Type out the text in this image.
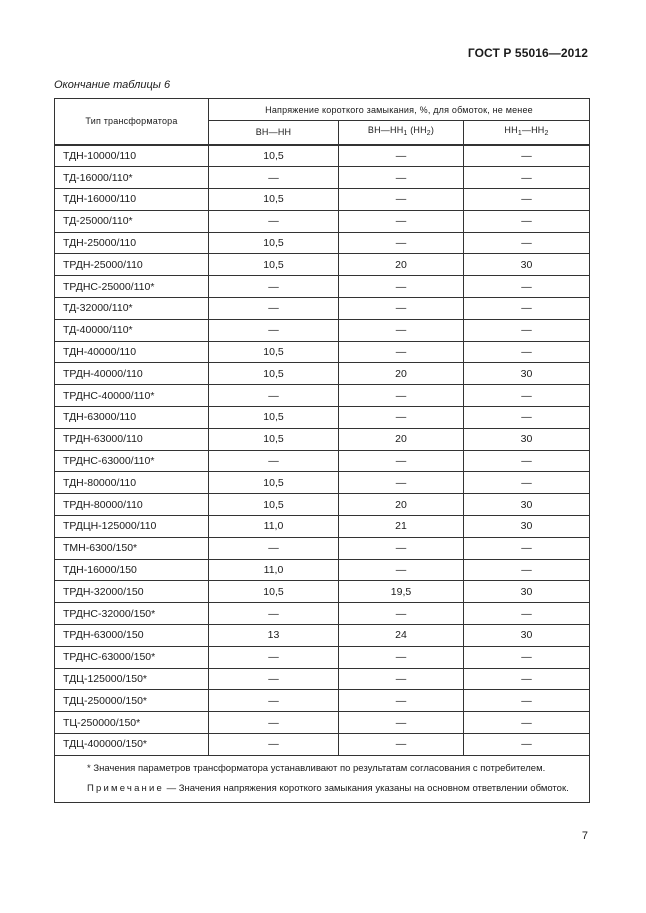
ГОСТ Р 55016—2012
Окончание таблицы 6
Тип трансформатора	Напряжение короткого замыкания, %, для обмоток, не менее		
	ВН—НН	$ВН—НН_1$ $(НН_2)$	$НН_1—НН_2$
ТДН-10000/110	10,5	—	—
ТД-16000/110*	—	—	—
ТДН-16000/110	10,5	—	—
ТД-25000/110*	—	—	—
ТДН-25000/110	10,5	—	—
ТРДН-25000/110	10,5	20	30
ТРДНС-25000/110*	—	—	—
ТД-32000/110*	—	—	—
ТД-40000/110*	—	—	—
ТДН-40000/110	10,5	—	—
ТРДН-40000/110	10,5	20	30
ТРДНС-40000/110*	—	—	—
ТДН-63000/110	10,5	—	—
ТРДН-63000/110	10,5	20	30
ТРДНС-63000/110*	—	—	—
ТДН-80000/110	10,5	—	—
ТРДН-80000/110	10,5	20	30
ТРДЦН-125000/110	11,0	21	30
ТМН-6300/150*	—	—	—
ТДН-16000/150	11,0	—	—
ТРДН-32000/150	10,5	19,5	30
ТРДНС-32000/150*	—	—	—
ТРДН-63000/150	13	24	30
ТРДНС-63000/150*	—	—	—
ТДЦ-125000/150*	—	—	—
ТДЦ-250000/150*	—	—	—
ТЦ-250000/150*	—	—	—
ТДЦ-400000/150*	—	—	—

* Значения параметров трансформатора устанавливают по результатам согласования с потребителем.

Примечание — Значения напряжения короткого замыкания указаны на основном ответвлении обмоток.

7
